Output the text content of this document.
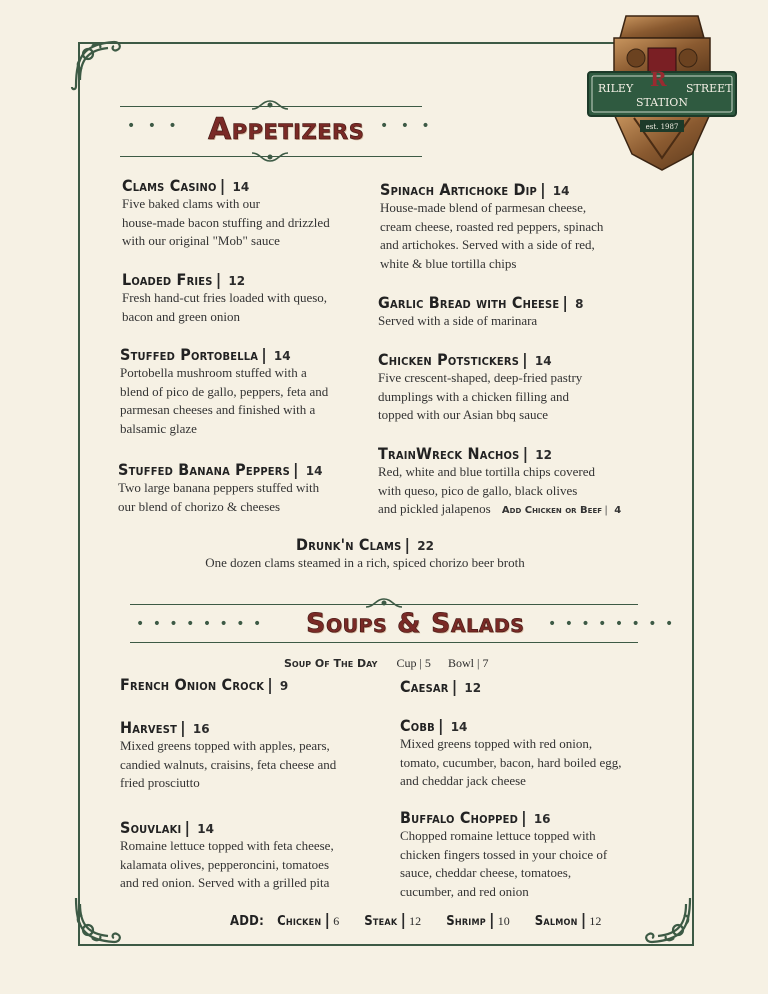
RILEY	STREET
STATION
R
est. 1987
• • • Appetizers • • •
Clams Casino | 14
Five baked clams with our
house-made bacon stuffing and drizzled
with our original "Mob" sauce
Loaded Fries | 12
Fresh hand-cut fries loaded with queso,
bacon and green onion
Stuffed Portobella | 14
Portobella mushroom stuffed with a
blend of pico de gallo, peppers, feta and
parmesan cheeses and finished with a
balsamic glaze
Stuffed Banana Peppers | 14
Two large banana peppers stuffed with
our blend of chorizo & cheeses
Spinach Artichoke Dip | 14
House-made blend of parmesan cheese,
cream cheese, roasted red peppers, spinach
and artichokes. Served with a side of red,
white & blue tortilla chips
Garlic Bread with Cheese | 8
Served with a side of marinara
Chicken Potstickers | 14
Five crescent-shaped, deep-fried pastry
dumplings with a chicken filling and
topped with our Asian bbq sauce
TrainWreck Nachos | 12
Red, white and blue tortilla chips covered
with queso, pico de gallo, black olives
and pickled jalapenos Add Chicken or Beef | 4
Drunk'n Clams | 22
One dozen clams steamed in a rich, spiced chorizo beer broth
• • • • • • • • Soups & Salads • • • • • • • •
Soup Of The Day Cup | 5 Bowl | 7
French Onion Crock | 9
Harvest | 16
Mixed greens topped with apples, pears,
candied walnuts, craisins, feta cheese and
fried prosciutto
Souvlaki | 14
Romaine lettuce topped with feta cheese,
kalamata olives, pepperoncini, tomatoes
and red onion. Served with a grilled pita
Caesar | 12
Cobb | 14
Mixed greens topped with red onion,
tomato, cucumber, bacon, hard boiled egg,
and cheddar jack cheese
Buffalo Chopped | 16
Chopped romaine lettuce topped with
chicken fingers tossed in your choice of
sauce, cheddar cheese, tomatoes,
cucumber, and red onion
ADD: Chicken | 6 Steak | 12 Shrimp | 10 Salmon | 12
